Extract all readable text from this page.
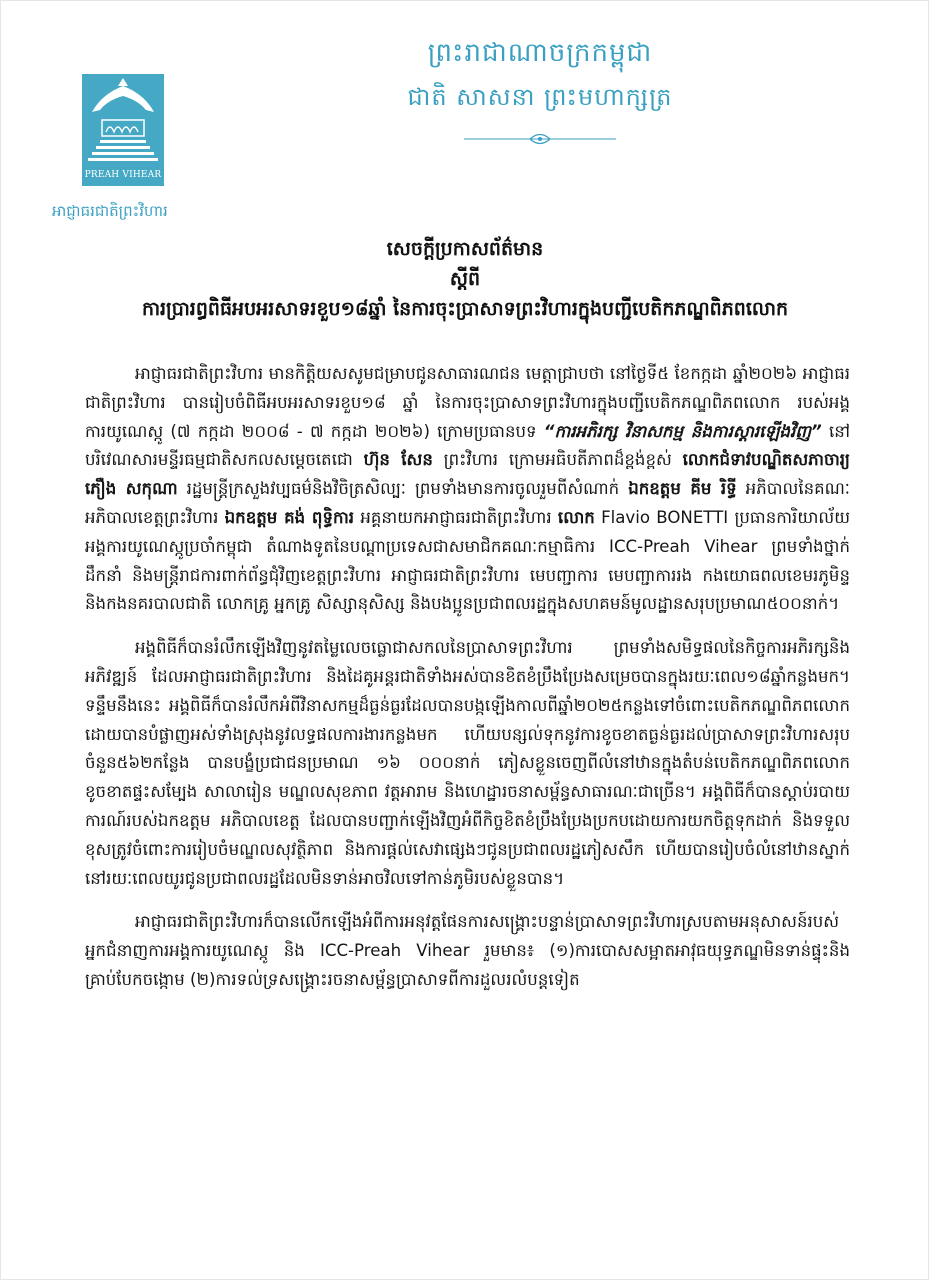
PREAH VIHEAR
អាជ្ញាធរជាតិព្រះវិហារ
ព្រះរាជាណាចក្រកម្ពុជា
ជាតិ សាសនា ព្រះមហាក្សត្រ
សេចក្ដីប្រកាសព័ត៌មាន
ស្ដីពី
ការប្រារព្ធពិធីអបអរសាទរខួប១៨ឆ្នាំ នៃការចុះប្រាសាទព្រះវិហារក្នុងបញ្ជីបេតិកភណ្ឌពិភពលោក

អាជ្ញាធរជាតិព្រះវិហារ មានកិត្តិយសសូមជម្រាបជូនសាធារណជន មេត្តាជ្រាបថា នៅថ្ងៃទី៥ ខែកក្កដា ឆ្នាំ២០២៦ អាជ្ញាធរជាតិព្រះវិហារ បានរៀបចំពិធីអបអរសាទរខួប១៨ ឆ្នាំ នៃការចុះប្រាសាទព្រះវិហារក្នុងបញ្ជីបេតិកភណ្ឌពិភពលោក របស់អង្គការយូណេស្កូ (៧ កក្កដា ២០០៨ - ៧ កក្កដា ២០២៦) ក្រោមប្រធានបទ “ការអភិរក្ស វិនាសកម្ម និងការស្តារឡើងវិញ” នៅបរិវេណសារមន្ទីរធម្មជាតិសកលសម្ដេចតេជោ ហ៊ុន សែន ព្រះវិហារ ក្រោមអធិបតីភាពដ៏ខ្ពង់ខ្ពស់ លោកជំទាវបណ្ឌិតសភាចារ្យ ភឿង សកុណា រដ្ឋមន្ត្រីក្រសួងវប្បធម៌និងវិចិត្រសិល្បៈ ព្រមទាំងមានការចូលរួមពីសំណាក់ ឯកឧត្ដម គីម រិទ្ធី អភិបាលនៃគណៈអភិបាលខេត្តព្រះវិហារ ឯកឧត្ដម គង់ ពុទ្ធិការ អគ្គនាយកអាជ្ញាធរជាតិព្រះវិហារ លោក Flavio BONETTI ប្រធានការិយាល័យអង្គការយូណេស្កូប្រចាំកម្ពុជា តំណាងទូតនៃបណ្ដាប្រទេសជាសមាជិកគណៈកម្មាធិការ ICC-Preah Vihear ព្រមទាំងថ្នាក់ដឹកនាំ និងមន្ត្រីរាជការពាក់ព័ន្ធជុំវិញខេត្តព្រះវិហារ អាជ្ញាធរជាតិព្រះវិហារ មេបញ្ជាការ មេបញ្ជាការរង កងយោធពលខេមរភូមិន្ទ និងកងនគរបាលជាតិ លោកគ្រូ អ្នកគ្រូ សិស្សានុសិស្ស និងបងប្អូនប្រជាពលរដ្ឋក្នុងសហគមន៍មូលដ្ឋានសរុបប្រមាណ៥០០នាក់។

អង្គពិធីក៏បានរំលឹកឡើងវិញនូវតម្លៃលេចធ្លោជាសកលនៃប្រាសាទព្រះវិហារ ព្រមទាំងសមិទ្ធផលនៃកិច្ចការអភិរក្សនិងអភិវឌ្ឍន៍ ដែលអាជ្ញាធរជាតិព្រះវិហារ និងដៃគូអន្តរជាតិទាំងអស់បានខិតខំប្រឹងប្រែងសម្រេចបានក្នុងរយៈពេល១៨ឆ្នាំកន្លងមក។ ទន្ទឹមនឹងនេះ អង្គពិធីក៏បានរំលឹកអំពីវិនាសកម្មដ៏ធ្ងន់ធ្ងរដែលបានបង្កឡើងកាលពីឆ្នាំ២០២៥កន្លងទៅចំពោះបេតិកភណ្ឌពិភពលោក ដោយបានបំផ្លាញអស់ទាំងស្រុងនូវលទ្ធផលការងារកន្លងមក ហើយបន្សល់ទុកនូវការខូចខាតធ្ងន់ធ្ងរដល់ប្រាសាទព្រះវិហារសរុបចំនួន៥៦២កន្លែង បានបង្ខំប្រជាជនប្រមាណ ១៦ ០០០នាក់ ភៀសខ្លួនចេញពីលំនៅឋានក្នុងតំបន់បេតិកភណ្ឌពិភពលោក ខូចខាតផ្ទះសម្បែង សាលារៀន មណ្ឌលសុខភាព វត្តអារាម និងហេដ្ឋារចនាសម្ព័ន្ធសាធារណៈជាច្រើន។ អង្គពិធីក៏បានស្ដាប់របាយការណ៍របស់ឯកឧត្ដម អភិបាលខេត្ត ដែលបានបញ្ជាក់ឡើងវិញអំពីកិច្ចខិតខំប្រឹងប្រែងប្រកបដោយការយកចិត្តទុកដាក់ និងទទួលខុសត្រូវចំពោះការរៀបចំមណ្ឌលសុវត្ថិភាព និងការផ្ដល់សេវាផ្សេងៗជូនប្រជាពលរដ្ឋភៀសសឹក ហើយបានរៀបចំលំនៅឋានស្នាក់នៅរយៈពេលយូរជូនប្រជាពលរដ្ឋដែលមិនទាន់អាចវិលទៅកាន់ភូមិរបស់ខ្លួនបាន។

អាជ្ញាធរជាតិព្រះវិហារក៏បានលើកឡើងអំពីការអនុវត្តផែនការសង្គ្រោះបន្ទាន់ប្រាសាទព្រះវិហារស្របតាមអនុសាសន៍របស់អ្នកជំនាញការអង្គការយូណេស្កូ និង ICC-Preah Vihear រួមមាន៖ (១)ការបោសសម្អាតអាវុធយុទ្ធភណ្ឌមិនទាន់ផ្ទុះនិងគ្រាប់បែកចង្កោម (២)ការទល់ទ្រសង្គ្រោះរចនាសម្ព័ន្ធប្រាសាទពីការដួលរលំបន្តទៀត
